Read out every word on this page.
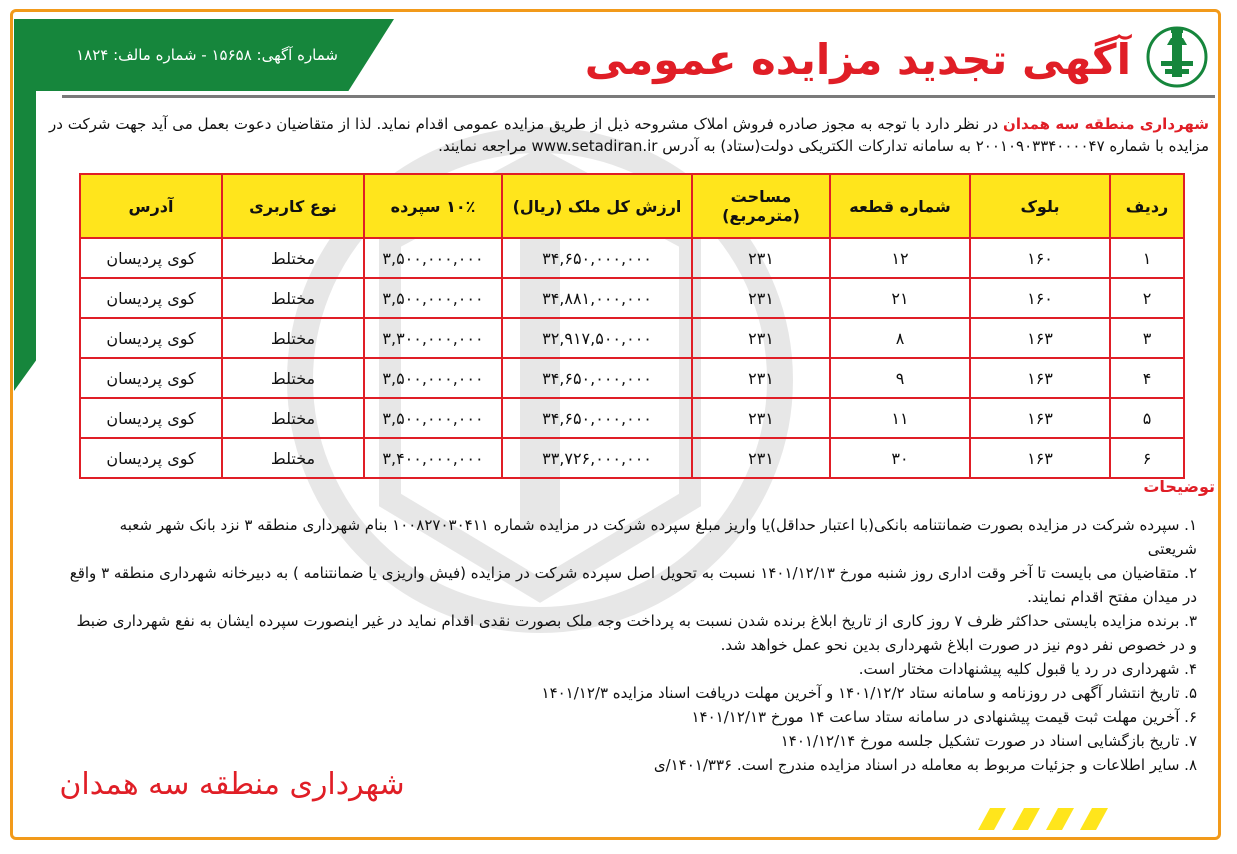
شماره آگهی: ۱۵۶۵۸ - شماره مالف: ۱۸۲۴	آگهی تجدید مزایده عمومی
شهرداری منطقه سه همدان در نظر دارد با توجه به مجوز صادره فروش املاک مشروحه ذیل از طریق مزایده عمومی اقدام نماید. لذا از متقاضیان دعوت بعمل می آید جهت شرکت در مزایده با شماره ۲۰۰۱۰۹۰۳۳۴۰۰۰۰۴۷ به سامانه تدارکات الکتریکی دولت(ستاد) به آدرس www.setadiran.ir مراجعه نمایند.
ردیف	بلوک	شماره قطعه	مساحت (مترمربع)	ارزش کل ملک (ریال)	۱۰٪ سپرده	نوع کاربری	آدرس
۱	۱۶۰	۱۲	۲۳۱	۳۴,۶۵۰,۰۰۰,۰۰۰	۳,۵۰۰,۰۰۰,۰۰۰	مختلط	کوی پردیسان
۲	۱۶۰	۲۱	۲۳۱	۳۴,۸۸۱,۰۰۰,۰۰۰	۳,۵۰۰,۰۰۰,۰۰۰	مختلط	کوی پردیسان
۳	۱۶۳	۸	۲۳۱	۳۲,۹۱۷,۵۰۰,۰۰۰	۳,۳۰۰,۰۰۰,۰۰۰	مختلط	کوی پردیسان
۴	۱۶۳	۹	۲۳۱	۳۴,۶۵۰,۰۰۰,۰۰۰	۳,۵۰۰,۰۰۰,۰۰۰	مختلط	کوی پردیسان
۵	۱۶۳	۱۱	۲۳۱	۳۴,۶۵۰,۰۰۰,۰۰۰	۳,۵۰۰,۰۰۰,۰۰۰	مختلط	کوی پردیسان
۶	۱۶۳	۳۰	۲۳۱	۳۳,۷۲۶,۰۰۰,۰۰۰	۳,۴۰۰,۰۰۰,۰۰۰	مختلط	کوی پردیسان
توضیحات

۱. سپرده شرکت در مزایده بصورت ضمانتنامه بانکی(با اعتبار حداقل)یا واریز مبلغ سپرده شرکت در مزایده شماره ۱۰۰۸۲۷۰۳۰۴۱۱ بنام شهرداری منطقه ۳ نزد بانک شهر شعبه شریعتی

۲. متقاضیان می بایست تا آخر وقت اداری روز شنبه مورخ ۱۴۰۱/۱۲/۱۳ نسبت به تحویل اصل سپرده شرکت در مزایده (فیش واریزی یا ضمانتنامه ) به دبیرخانه شهرداری منطقه ۳ واقع در میدان مفتح اقدام نمایند.

۳. برنده مزایده بایستی حداکثر ظرف ۷ روز کاری از تاریخ ابلاغ برنده شدن نسبت به پرداخت وجه ملک بصورت نقدی اقدام نماید در غیر اینصورت سپرده ایشان به نفع شهرداری ضبط و در خصوص نفر دوم نیز در صورت ابلاغ شهرداری بدین نحو عمل خواهد شد.

۴. شهرداری در رد یا قبول کلیه پیشنهادات مختار است.

۵. تاریخ انتشار آگهی در روزنامه و سامانه ستاد ۱۴۰۱/۱۲/۲ و آخرین مهلت دریافت اسناد مزایده ۱۴۰۱/۱۲/۳

۶. آخرین مهلت ثبت قیمت پیشنهادی در سامانه ستاد ساعت ۱۴ مورخ ۱۴۰۱/۱۲/۱۳

۷. تاریخ بازگشایی اسناد در صورت تشکیل جلسه مورخ ۱۴۰۱/۱۲/۱۴

۸. سایر اطلاعات و جزئیات مربوط به معامله در اسناد مزایده مندرج است. ۱۴۰۱/۳۳۶/ی

شهرداری منطقه سه همدان
